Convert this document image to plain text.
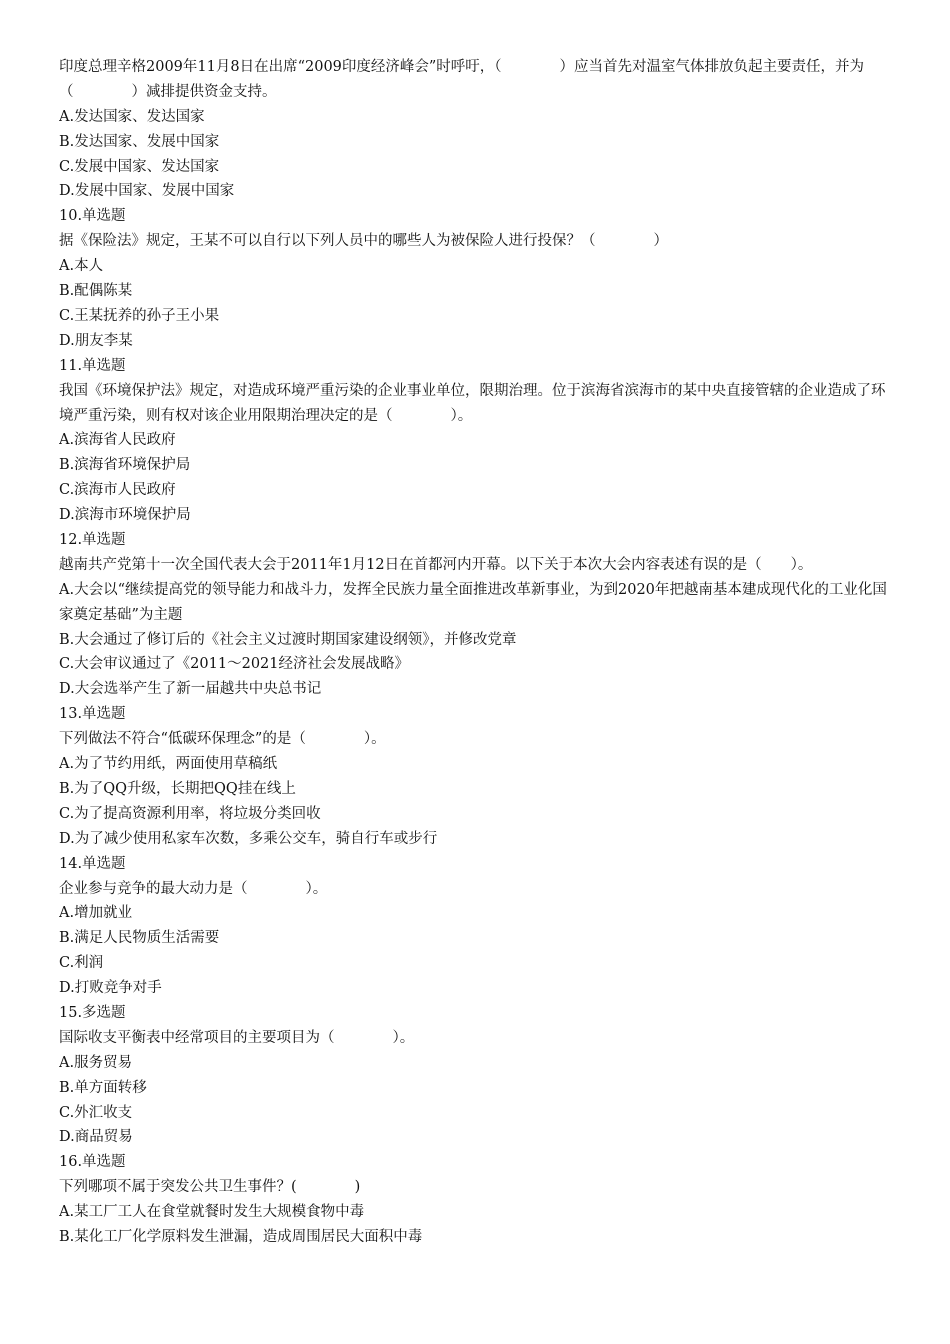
印度总理辛格2009年11月8日在出席“2009印度经济峰会”时呼吁，（　　　　）应当首先对温室气体排放负起主要责任，并为（　　　　）减排提供资金支持。
A.发达国家、发达国家
B.发达国家、发展中国家
C.发展中国家、发达国家
D.发展中国家、发展中国家
10.单选题
据《保险法》规定，王某不可以自行以下列人员中的哪些人为被保险人进行投保？（　　　　）
A.本人
B.配偶陈某
C.王某抚养的孙子王小果
D.朋友李某
11.单选题
我国《环境保护法》规定，对造成环境严重污染的企业事业单位，限期治理。位于滨海省滨海市的某中央直接管辖的企业造成了环境严重污染，则有权对该企业用限期治理决定的是（　　　　）。
A.滨海省人民政府
B.滨海省环境保护局
C.滨海市人民政府
D.滨海市环境保护局
12.单选题
越南共产党第十一次全国代表大会于2011年1月12日在首都河内开幕。以下关于本次大会内容表述有误的是（　　）。
A.大会以“继续提高党的领导能力和战斗力，发挥全民族力量全面推进改革新事业，为到2020年把越南基本建成现代化的工业化国家奠定基础”为主题
B.大会通过了修订后的《社会主义过渡时期国家建设纲领》，并修改党章
C.大会审议通过了《2011～2021经济社会发展战略》
D.大会选举产生了新一届越共中央总书记
13.单选题
下列做法不符合“低碳环保理念”的是（　　　　）。
A.为了节约用纸，两面使用草稿纸
B.为了QQ升级，长期把QQ挂在线上
C.为了提高资源利用率，将垃圾分类回收
D.为了减少使用私家车次数，多乘公交车，骑自行车或步行
14.单选题
企业参与竞争的最大动力是（　　　　）。
A.增加就业
B.满足人民物质生活需要
C.利润
D.打败竞争对手
15.多选题
国际收支平衡表中经常项目的主要项目为（　　　　）。
A.服务贸易
B.单方面转移
C.外汇收支
D.商品贸易
16.单选题
下列哪项不属于突发公共卫生事件？(　　　　)
A.某工厂工人在食堂就餐时发生大规模食物中毒
B.某化工厂化学原料发生泄漏，造成周围居民大面积中毒
